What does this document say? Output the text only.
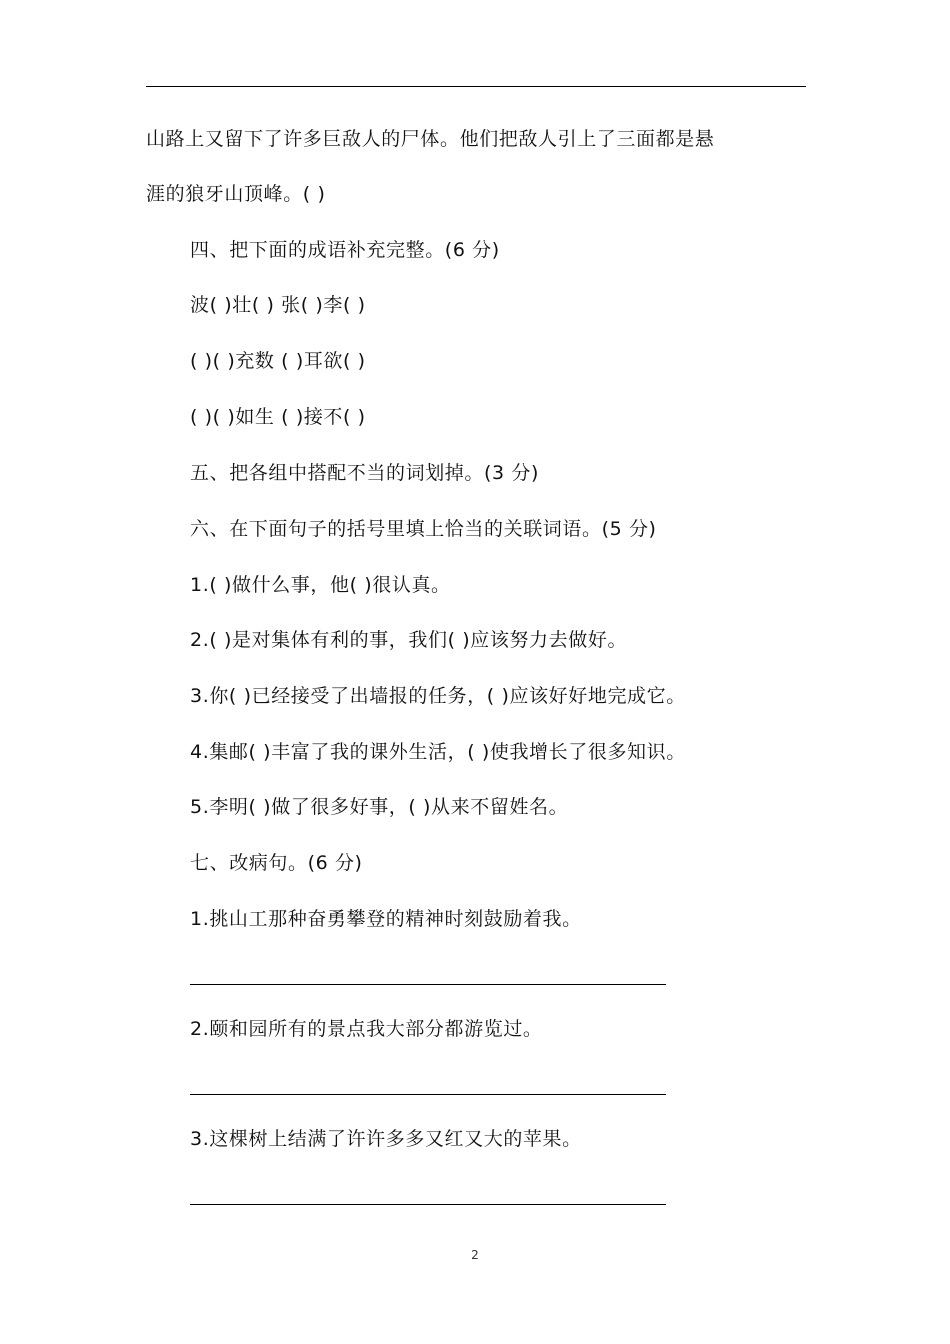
山路上又留下了许多巨敌人的尸体。他们把敌人引上了三面都是悬
涯的狼牙山顶峰。( )
四、把下面的成语补充完整。(6 分)
波( )壮( ) 张( )李( )
( )( )充数 ( )耳欲( )
( )( )如生 ( )接不( )
五、把各组中搭配不当的词划掉。(3 分)
六、在下面句子的括号里填上恰当的关联词语。(5 分)
1.( )做什么事，他( )很认真。
2.( )是对集体有利的事，我们( )应该努力去做好。
3.你( )已经接受了出墙报的任务，( )应该好好地完成它。
4.集邮( )丰富了我的课外生活，( )使我增长了很多知识。
5.李明( )做了很多好事，( )从来不留姓名。
七、改病句。(6 分)
1.挑山工那种奋勇攀登的精神时刻鼓励着我。
2.颐和园所有的景点我大部分都游览过。
3.这棵树上结满了许许多多又红又大的苹果。
2
